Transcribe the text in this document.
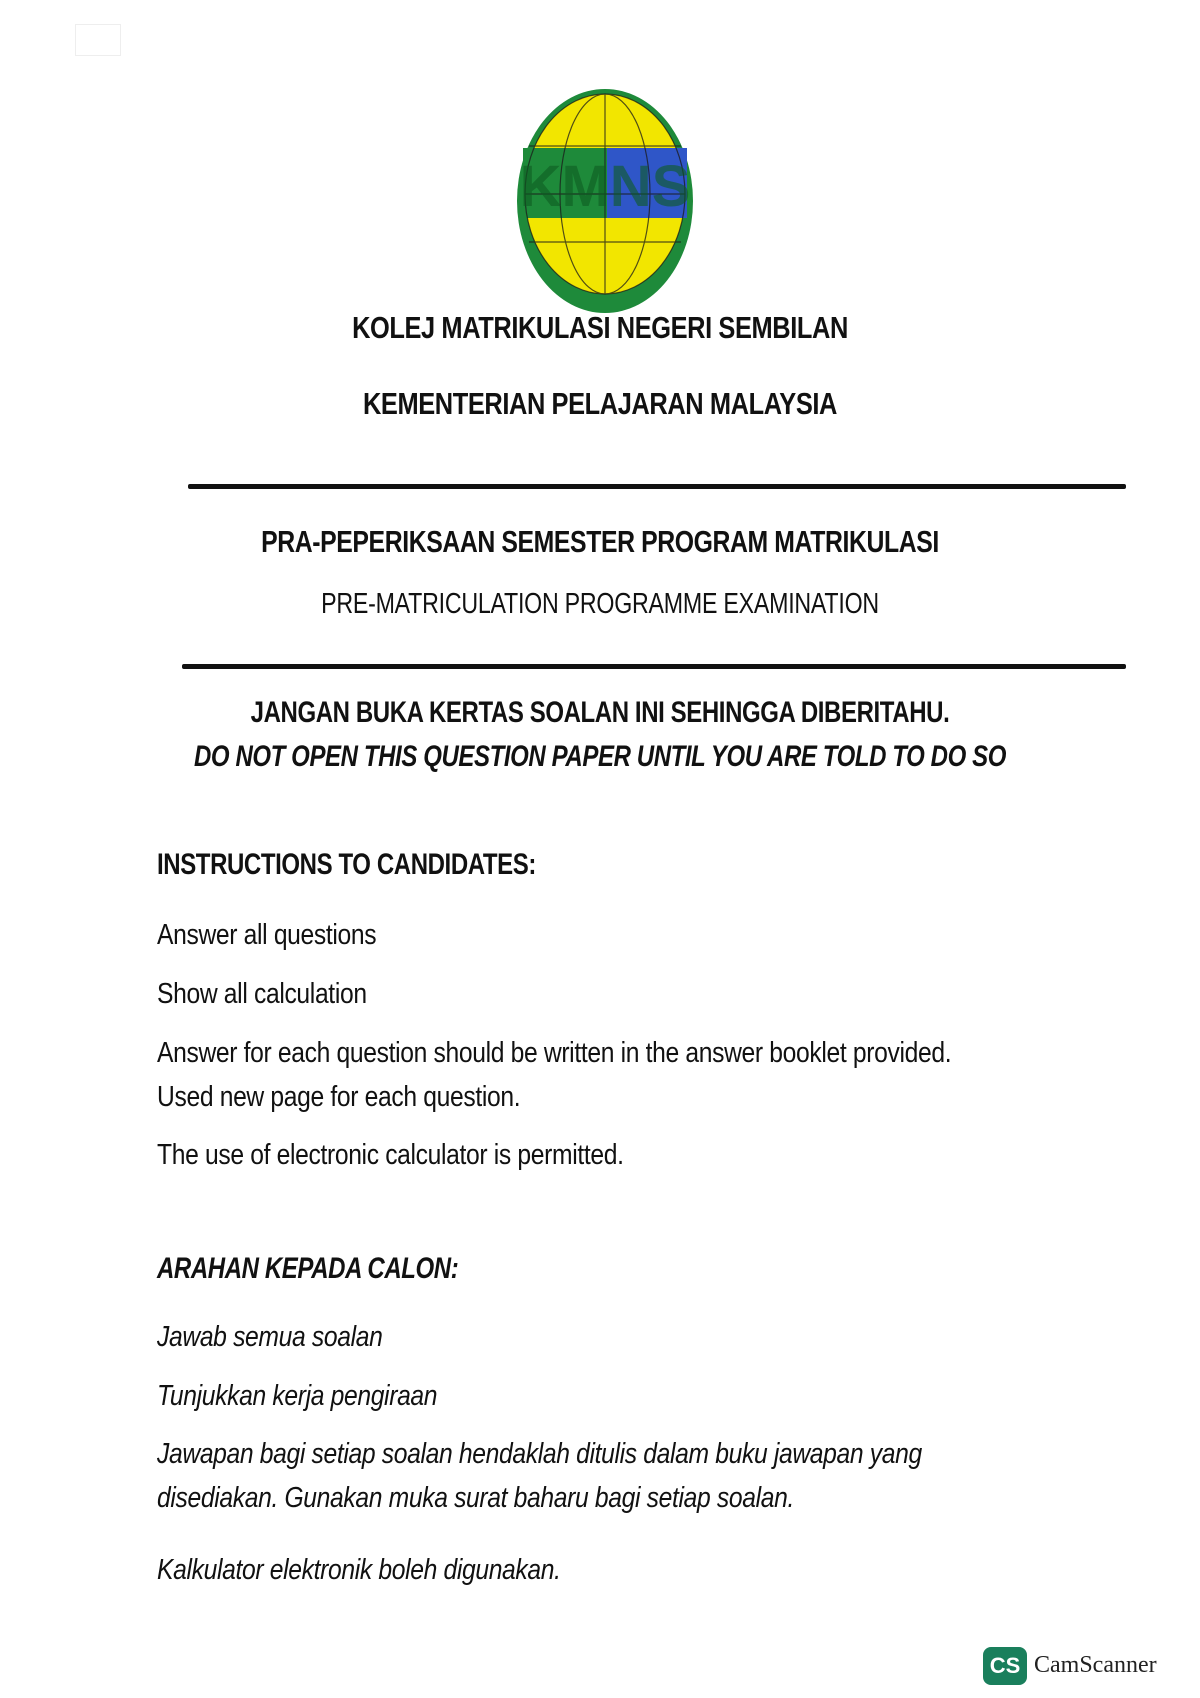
KMNS
KOLEJ MATRIKULASI NEGERI SEMBILAN
KEMENTERIAN PELAJARAN MALAYSIA
PRA-PEPERIKSAAN SEMESTER PROGRAM MATRIKULASI
PRE-MATRICULATION PROGRAMME EXAMINATION
JANGAN BUKA KERTAS SOALAN INI SEHINGGA DIBERITAHU.
DO NOT OPEN THIS QUESTION PAPER UNTIL YOU ARE TOLD TO DO SO
INSTRUCTIONS TO CANDIDATES:
Answer all questions
Show all calculation
Answer for each question should be written in the answer booklet provided. Used new page for each question.
The use of electronic calculator is permitted.
ARAHAN KEPADA CALON:
Jawab semua soalan
Tunjukkan kerja pengiraan
Jawapan bagi setiap soalan hendaklah ditulis dalam buku jawapan yang disediakan. Gunakan muka surat baharu bagi setiap soalan.
Kalkulator elektronik boleh digunakan.
CS CamScanner
